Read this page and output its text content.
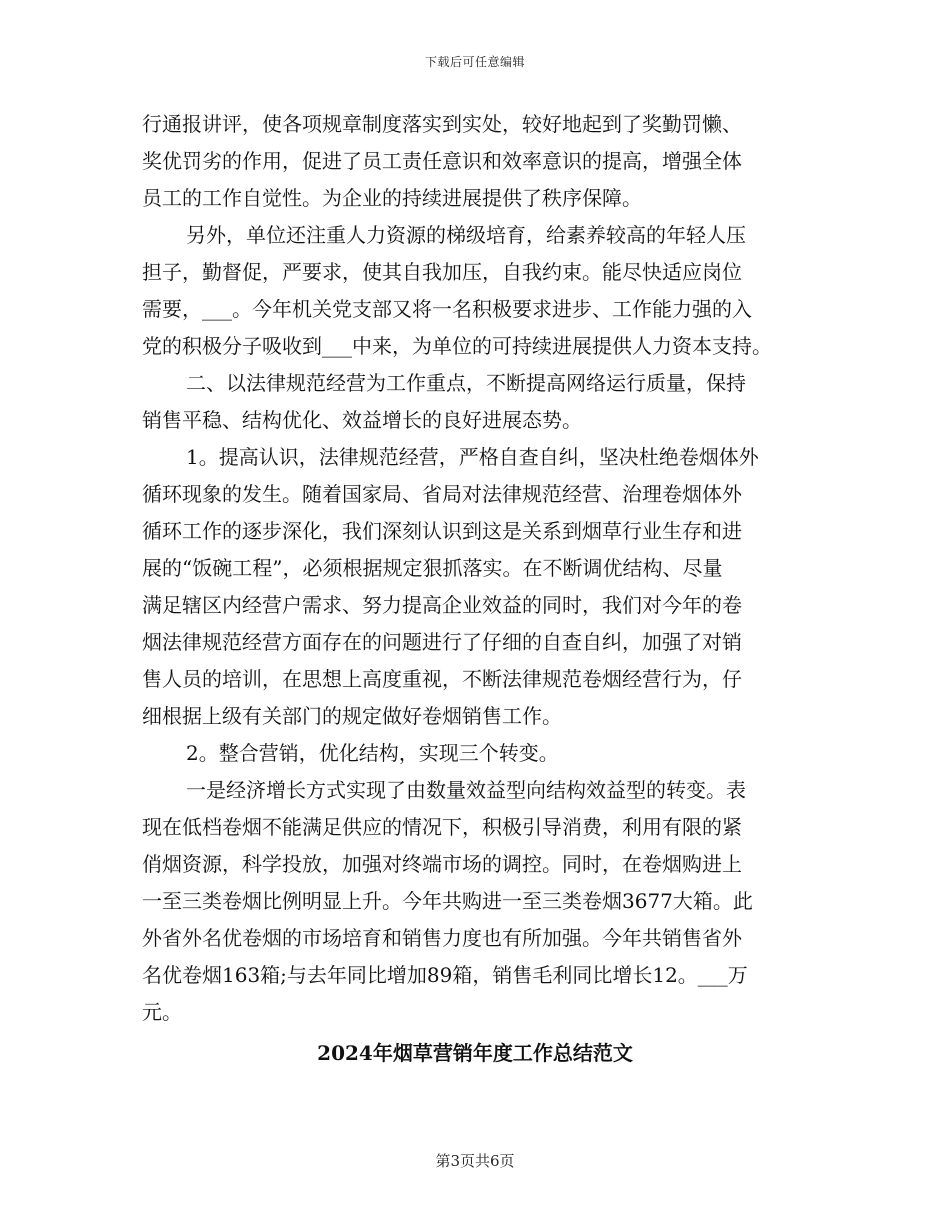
下载后可任意编辑
行通报讲评，使各项规章制度落实到实处，较好地起到了奖勤罚懒、
奖优罚劣的作用，促进了员工责任意识和效率意识的提高，增强全体
员工的工作自觉性。为企业的持续进展提供了秩序保障。
另外，单位还注重人力资源的梯级培育，给素养较高的年轻人压
担子，勤督促，严要求，使其自我加压，自我约束。能尽快适应岗位
需要，___。今年机关党支部又将一名积极要求进步、工作能力强的入
党的积极分子吸收到___中来，为单位的可持续进展提供人力资本支持。
二、以法律规范经营为工作重点，不断提高网络运行质量，保持
销售平稳、结构优化、效益增长的良好进展态势。
1。提高认识，法律规范经营，严格自查自纠，坚决杜绝卷烟体外
循环现象的发生。随着国家局、省局对法律规范经营、治理卷烟体外
循环工作的逐步深化，我们深刻认识到这是关系到烟草行业生存和进
展的“饭碗工程”，必须根据规定狠抓落实。在不断调优结构、尽量
满足辖区内经营户需求、努力提高企业效益的同时，我们对今年的卷
烟法律规范经营方面存在的问题进行了仔细的自查自纠，加强了对销
售人员的培训，在思想上高度重视，不断法律规范卷烟经营行为，仔
细根据上级有关部门的规定做好卷烟销售工作。
2。整合营销，优化结构，实现三个转变。
一是经济增长方式实现了由数量效益型向结构效益型的转变。表
现在低档卷烟不能满足供应的情况下，积极引导消费，利用有限的紧
俏烟资源，科学投放，加强对终端市场的调控。同时，在卷烟购进上
一至三类卷烟比例明显上升。今年共购进一至三类卷烟3677大箱。此
外省外名优卷烟的市场培育和销售力度也有所加强。今年共销售省外
名优卷烟163箱;与去年同比增加89箱，销售毛利同比增长12。___万
元。
2024年烟草营销年度工作总结范文
第3页共6页
